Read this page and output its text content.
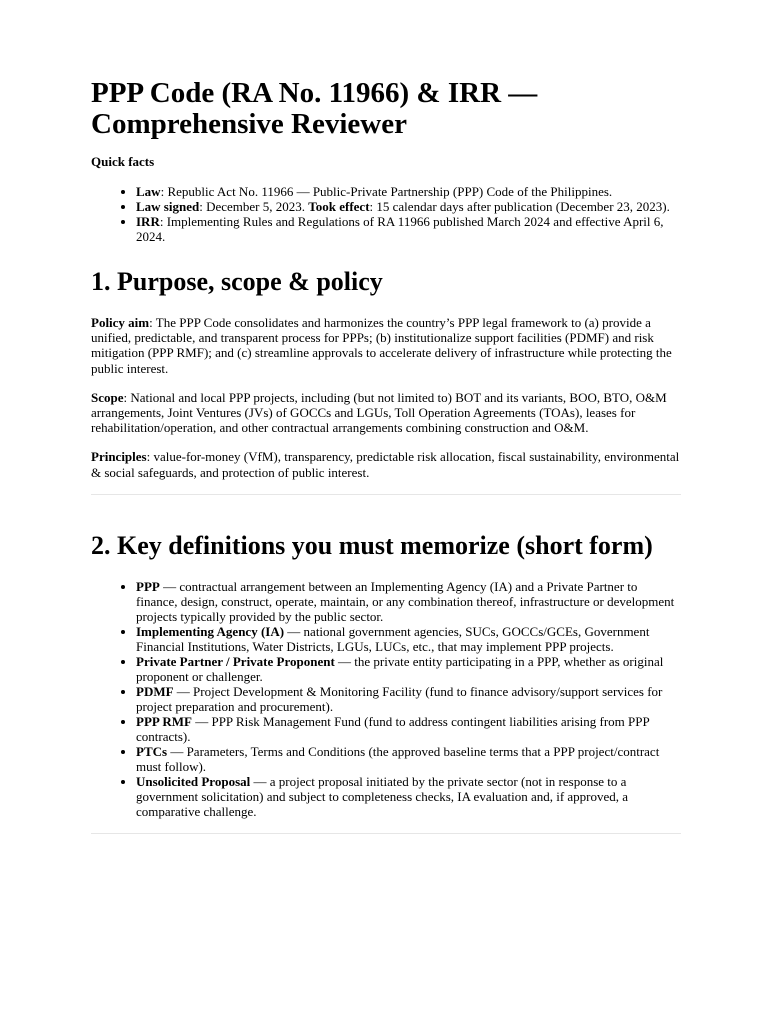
PPP Code (RA No. 11966) & IRR — Comprehensive Reviewer

Quick facts

• Law: Republic Act No. 11966 — Public-Private Partnership (PPP) Code of the Philippines.
• Law signed: December 5, 2023. Took effect: 15 calendar days after publication (December 23, 2023).
• IRR: Implementing Rules and Regulations of RA 11966 published March 2024 and effective April 6, 2024.
1. Purpose, scope & policy

Policy aim: The PPP Code consolidates and harmonizes the country’s PPP legal framework to (a) provide a unified, predictable, and transparent process for PPPs; (b) institutionalize support facilities (PDMF) and risk mitigation (PPP RMF); and (c) streamline approvals to accelerate delivery of infrastructure while protecting the public interest.

Scope: National and local PPP projects, including (but not limited to) BOT and its variants, BOO, BTO, O&M arrangements, Joint Ventures (JVs) of GOCCs and LGUs, Toll Operation Agreements (TOAs), leases for rehabilitation/operation, and other contractual arrangements combining construction and O&M.

Principles: value-for-money (VfM), transparency, predictable risk allocation, fiscal sustainability, environmental & social safeguards, and protection of public interest.

2. Key definitions you must memorize (short form)
• PPP — contractual arrangement between an Implementing Agency (IA) and a Private Partner to finance, design, construct, operate, maintain, or any combination thereof, infrastructure or development projects typically provided by the public sector.
• Implementing Agency (IA) — national government agencies, SUCs, GOCCs/GCEs, Government Financial Institutions, Water Districts, LGUs, LUCs, etc., that may implement PPP projects.
• Private Partner / Private Proponent — the private entity participating in a PPP, whether as original proponent or challenger.
• PDMF — Project Development & Monitoring Facility (fund to finance advisory/support services for project preparation and procurement).
• PPP RMF — PPP Risk Management Fund (fund to address contingent liabilities arising from PPP contracts).
• PTCs — Parameters, Terms and Conditions (the approved baseline terms that a PPP project/contract must follow).
• Unsolicited Proposal — a project proposal initiated by the private sector (not in response to a government solicitation) and subject to completeness checks, IA evaluation and, if approved, a comparative challenge.
